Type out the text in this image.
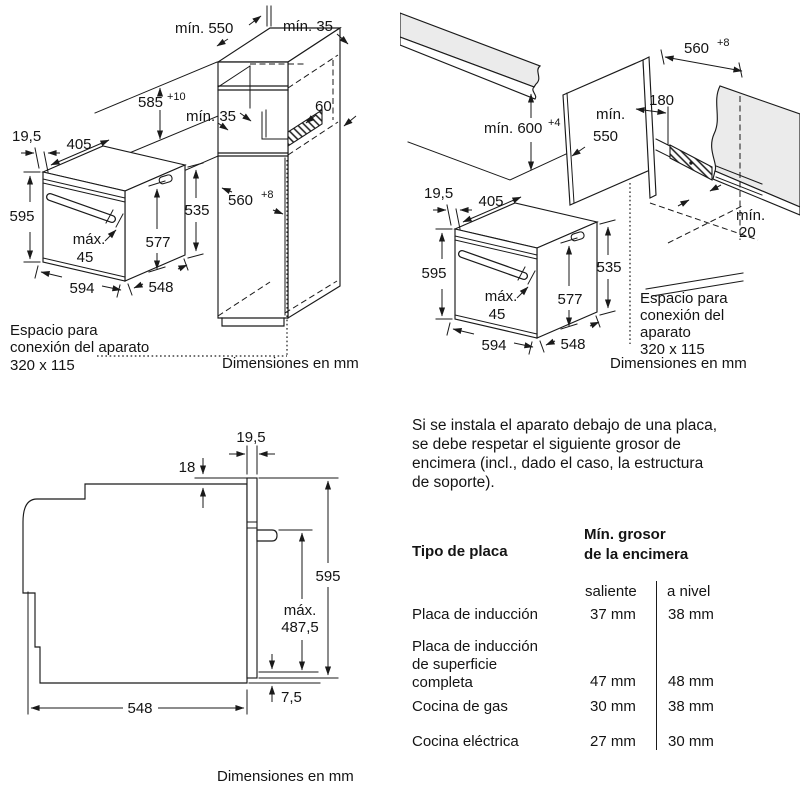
mín. 550	mín. 35
585 +10
mín. 35
60
560 +8
19,5 405
595
máx.
45
577
535
594	548
Espacio para
conexión del aparato
320 x 115	Dimensiones en mm
560 +8
180
mín. 600 +4 mín.
550
mín.
20
Espacio para
conexión del
aparato
320 x 115
Dimensiones en mm
19,5
18
595
máx.
487,5
7,5
548
Dimensiones en mm
Si se instala el aparato debajo de una placa,
se debe respetar el siguiente grosor de
encimera (incl., dado el caso, la estructura
de soporte).
Tipo de placa
Mín. grosor
de la encimera
saliente a nivel
Placa de inducción	37 mm 38 mm
Placa de inducción
de superficie
completa	47 mm 48 mm
Cocina de gas	30 mm 38 mm
Cocina eléctrica	27 mm 30 mm
